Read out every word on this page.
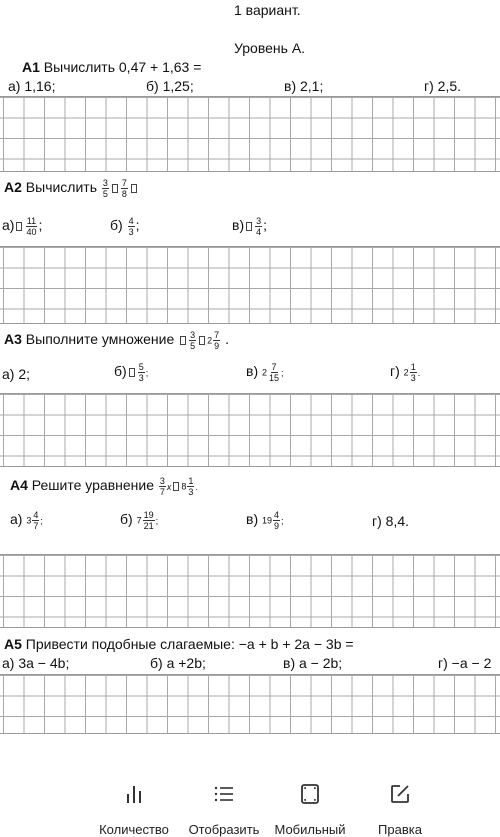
1 вариант.
Уровень А.
А1 Вычислить 0,47 + 1,63 =
а) 1,16;	б) 1,25;	в) 2,1;	г) 2,5.
А2 Вычислить $\frac{3}{5} \frac{7}{8}$
$а) \frac{11}{40}$ ;	$б) \frac{4}{3}$ ;	$в) \frac{3}{4}$ ;
А3 Выполните умножение $\frac{3}{5} 2 \frac{7}{9}$ .
а) 2;	$б) \frac{5}{3}$ ;	в) $2 \frac{7}{15}$ ;	г) $2 \frac{1}{3}$ .
А4 Решите уравнение $\frac{3}{7}$ x $8 \frac{1}{3}$ .
а) $3 \frac{4}{7}$ ;	б) $7 \frac{19}{21}$ ;	в) $19 \frac{4}{9}$ ;	г) 8,4.
А5 Привести подобные слагаемые: −a + b + 2a − 3b =
а) 3a − 4b;	б) a +2b;	в) a − 2b;	г) −a − 2
Количество	Отобразить	Мобильный	Правка
